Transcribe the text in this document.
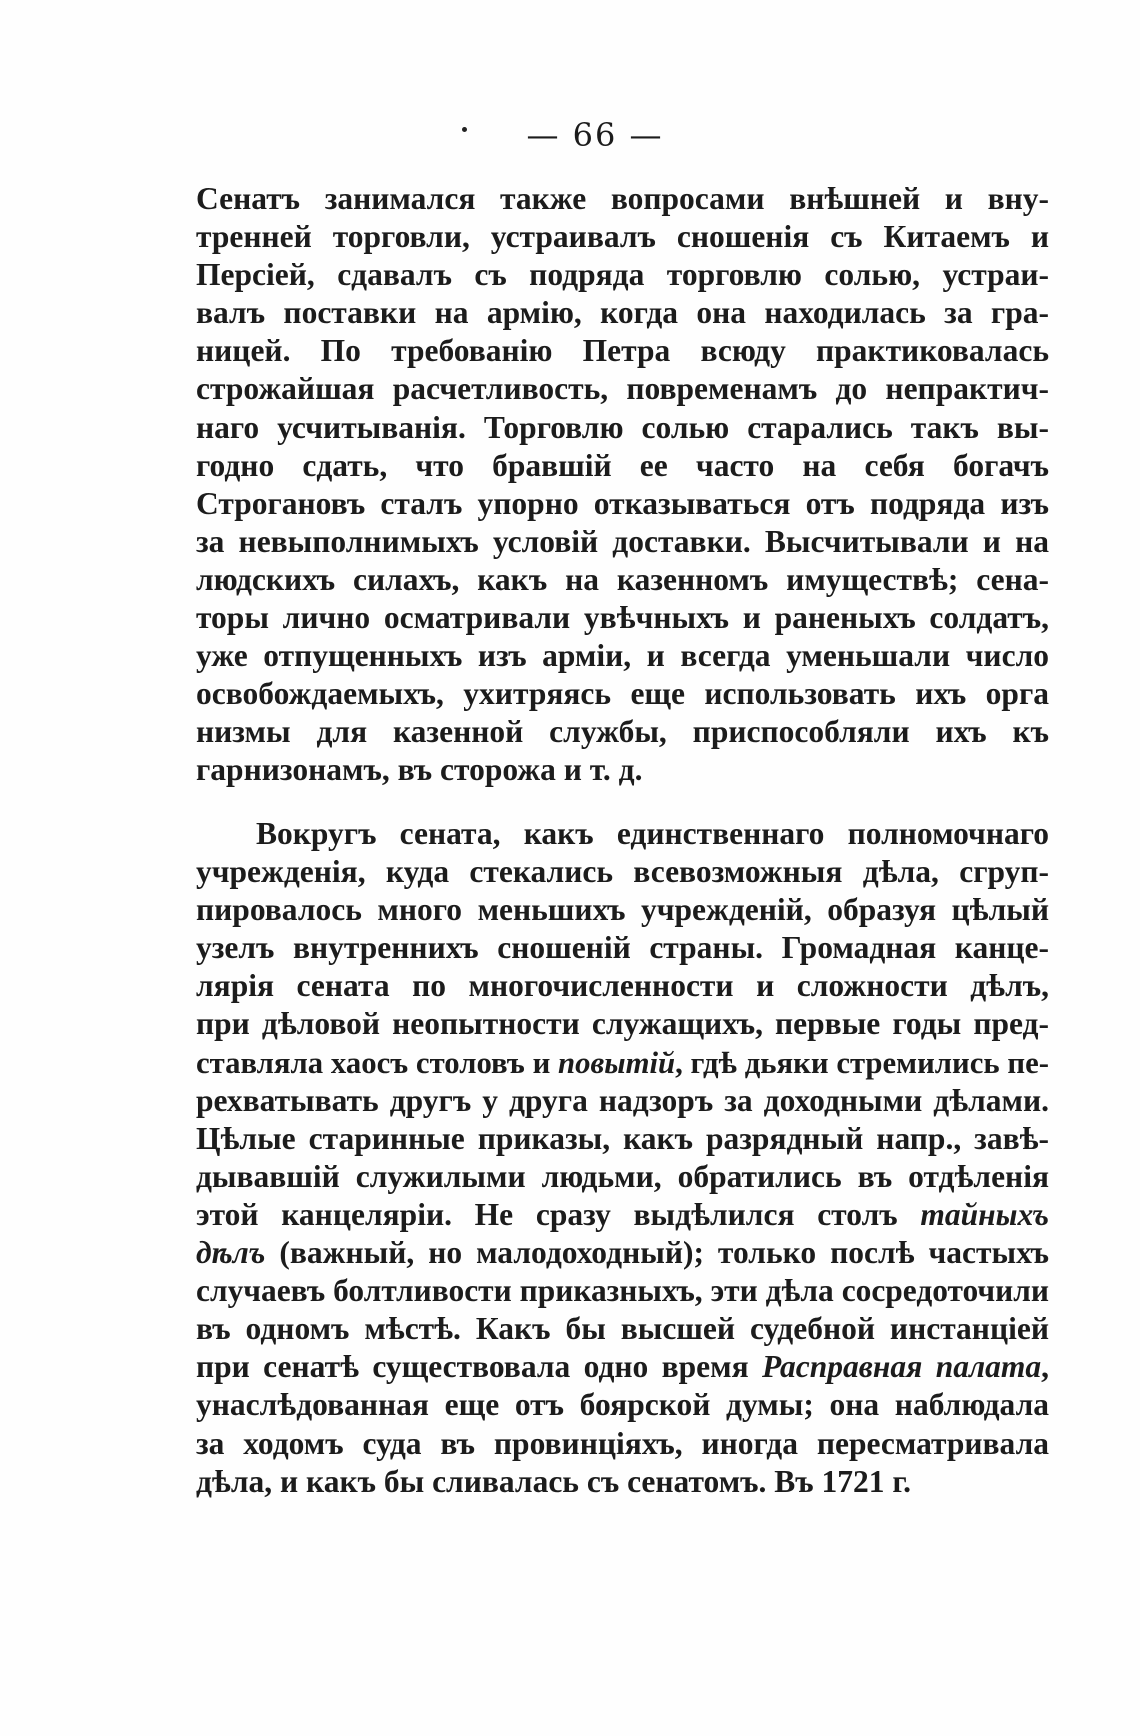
— 66 —

Сенатъ занимался также вопросами внѣшней и вну-
тренней торговли, устраивалъ сношенія съ Китаемъ и
Персіей, сдавалъ съ подряда торговлю солью, устраи-
валъ поставки на армію, когда она находилась за гра-
ницей. По требованію Петра всюду практиковалась
строжайшая расчетливость, повременамъ до непрактич-
наго усчитыванія. Торговлю солью старались такъ вы-
годно сдать, что бравшій ее часто на себя богачъ
Строгановъ сталъ упорно отказываться отъ подряда изъ
за невыполнимыхъ условій доставки. Высчитывали и на
людскихъ силахъ, какъ на казенномъ имуществѣ; сена-
торы лично осматривали увѣчныхъ и раненыхъ солдатъ,
уже отпущенныхъ изъ арміи, и всегда уменьшали число
освобождаемыхъ, ухитряясь еще использовать ихъ орга
низмы для казенной службы, приспособляли ихъ къ
гарнизонамъ, въ сторожа и т. д.

Вокругъ сената, какъ единственнаго полномочнаго
учрежденія, куда стекались всевозможныя дѣла, сгруп-
пировалось много меньшихъ учрежденій, образуя цѣлый
узелъ внутреннихъ сношеній страны. Громадная канце-
лярія сената по многочисленности и сложности дѣлъ,
при дѣловой неопытности служащихъ, первые годы пред-
ставляла хаосъ столовъ и повытій, гдѣ дьяки стремились пе-
рехватывать другъ у друга надзоръ за доходными дѣлами.
Цѣлые старинные приказы, какъ разрядный напр., завѣ-
дывавшій служилыми людьми, обратились въ отдѣленія
этой канцеляріи. Не сразу выдѣлился столъ тайныхъ
дѣлъ (важный, но малодоходный); только послѣ частыхъ
случаевъ болтливости приказныхъ, эти дѣла сосредоточили
въ одномъ мѣстѣ. Какъ бы высшей судебной инстанціей
при сенатѣ существовала одно время Расправная палата,
унаслѣдованная еще отъ боярской думы; она наблюдала
за ходомъ суда въ провинціяхъ, иногда пересматривала
дѣла, и какъ бы сливалась съ сенатомъ. Въ 1721 г.
